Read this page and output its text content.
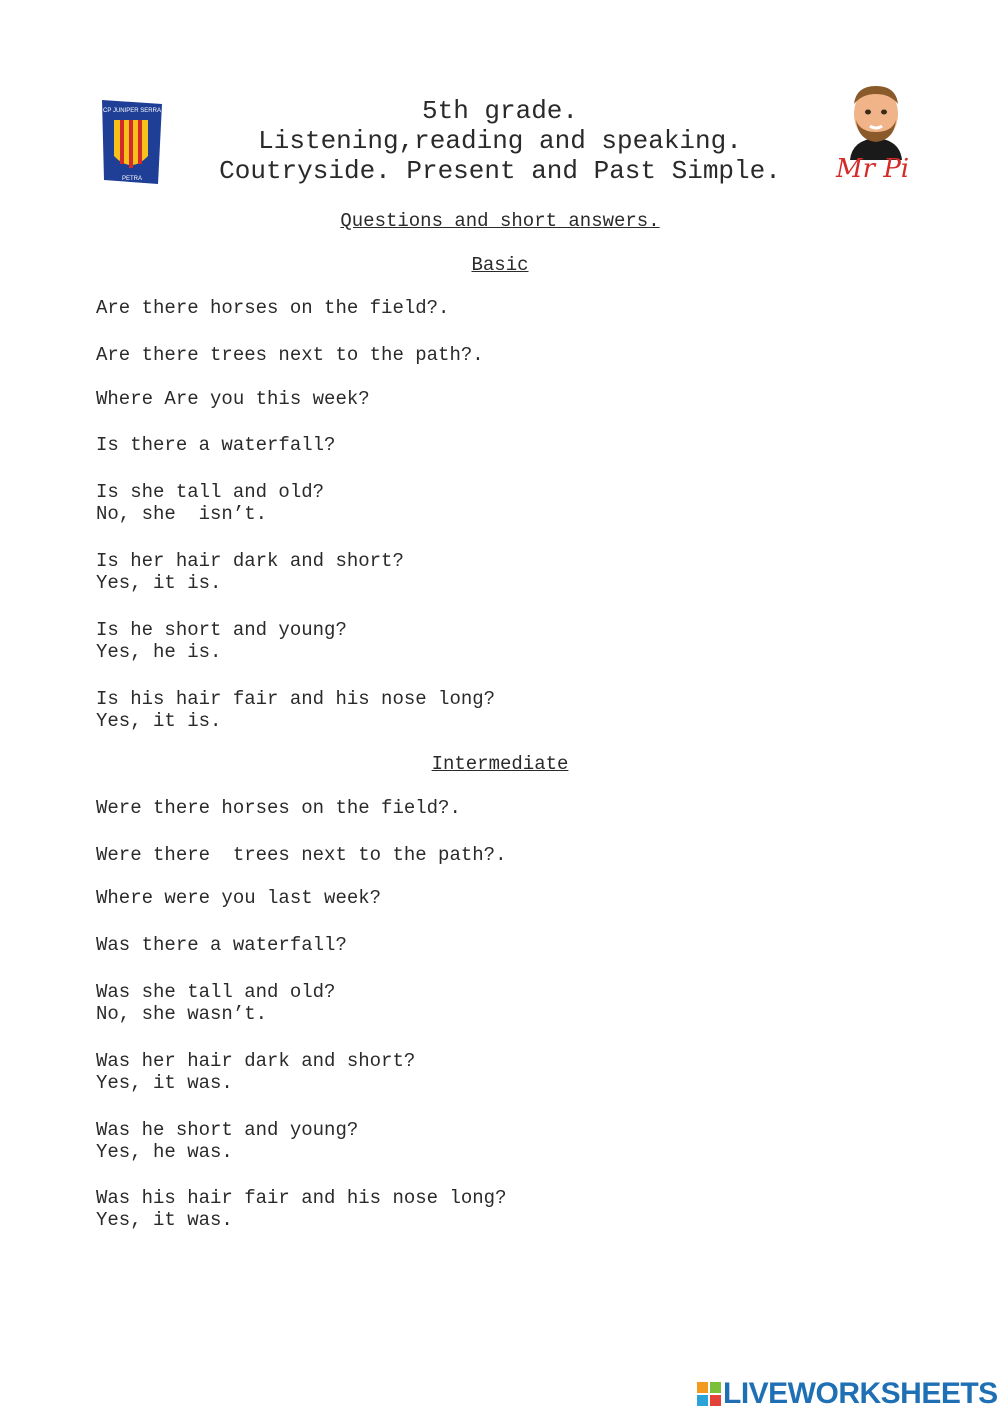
CP JUNIPER SERRA
PETRA
5th grade.
Listening,reading and speaking.
Coutryside. Present and Past Simple.	Mr Pi
Questions and short answers.
Basic
Are there horses on the field?.
Are there trees next to the path?.
Where Are you this week?
Is there a waterfall?
Is she tall and old?
No, she  isn’t.
Is her hair dark and short?
Yes, it is.
Is he short and young?
Yes, he is.
Is his hair fair and his nose long?
Yes, it is.
Intermediate
Were there horses on the field?.
Were there  trees next to the path?.
Where were you last week?
Was there a waterfall?
Was she tall and old?
No, she wasn’t.
Was her hair dark and short?
Yes, it was.
Was he short and young?
Yes, he was.
Was his hair fair and his nose long?
Yes, it was.
LIVEWORKSHEETS
